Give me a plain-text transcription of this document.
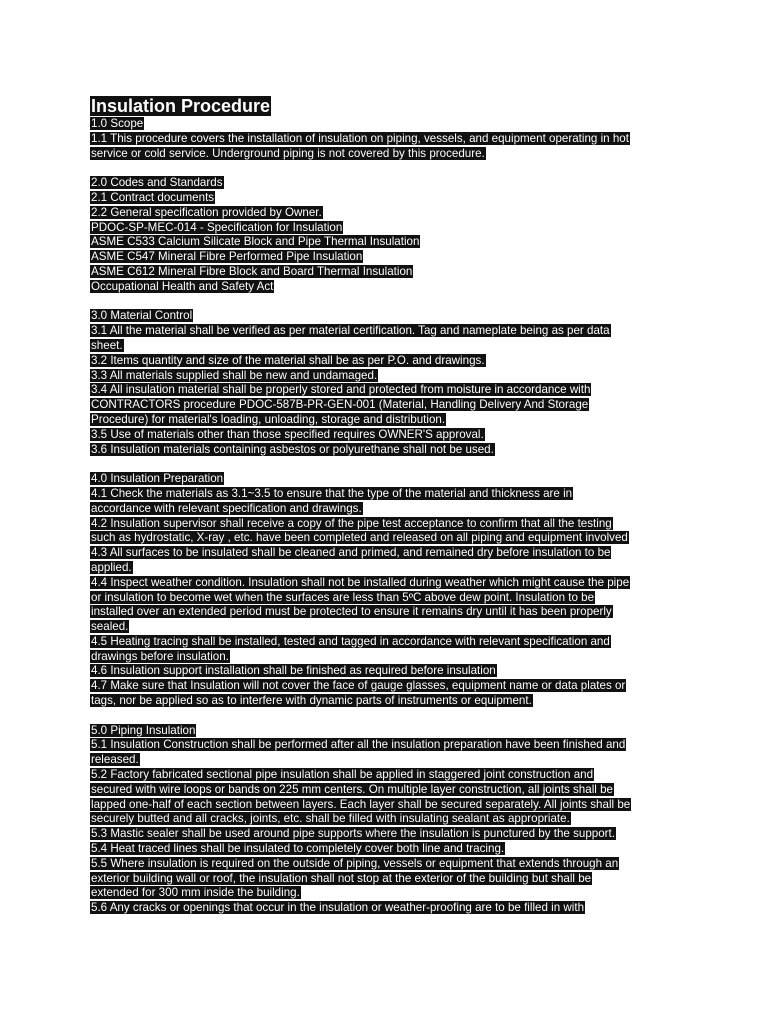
Insulation Procedure
1.0 Scope
1.1 This procedure covers the installation of insulation on piping, vessels, and equipment operating in hot
service or cold service. Underground piping is not covered by this procedure.
2.0 Codes and Standards
2.1 Contract documents
2.2 General specification provided by Owner.
PDOC-SP-MEC-014 - Specification for Insulation
ASME C533 Calcium Silicate Block and Pipe Thermal Insulation
ASME C547 Mineral Fibre Performed Pipe Insulation
ASME C612 Mineral Fibre Block and Board Thermal Insulation
Occupational Health and Safety Act
3.0 Material Control
3.1 All the material shall be verified as per material certification. Tag and nameplate being as per data
sheet.
3.2 Items quantity and size of the material shall be as per P.O. and drawings.
3.3 All materials supplied shall be new and undamaged.
3.4 All insulation material shall be properly stored and protected from moisture in accordance with
CONTRACTORS procedure PDOC-587B-PR-GEN-001 (Material, Handling Delivery And Storage
Procedure) for material's loading, unloading, storage and distribution.
3.5 Use of materials other than those specified requires OWNER'S approval.
3.6 Insulation materials containing asbestos or polyurethane shall not be used.
4.0 Insulation Preparation
4.1 Check the materials as 3.1~3.5 to ensure that the type of the material and thickness are in
accordance with relevant specification and drawings.
4.2 Insulation supervisor shall receive a copy of the pipe test acceptance to confirm that all the testing
such as hydrostatic, X-ray , etc. have been completed and released on all piping and equipment involved
4.3 All surfaces to be insulated shall be cleaned and primed, and remained dry before insulation to be
applied.
4.4 Inspect weather condition. Insulation shall not be installed during weather which might cause the pipe
or insulation to become wet when the surfaces are less than 5ºC above dew point. Insulation to be
installed over an extended period must be protected to ensure it remains dry until it has been properly
sealed.
4.5 Heating tracing shall be installed, tested and tagged in accordance with relevant specification and
drawings before insulation.
4.6 Insulation support installation shall be finished as required before insulation
4.7 Make sure that Insulation will not cover the face of gauge glasses, equipment name or data plates or
tags, nor be applied so as to interfere with dynamic parts of instruments or equipment.
5.0 Piping Insulation
5.1 Insulation Construction shall be performed after all the insulation preparation have been finished and
released.
5.2 Factory fabricated sectional pipe insulation shall be applied in staggered joint construction and
secured with wire loops or bands on 225 mm centers. On multiple layer construction, all joints shall be
lapped one-half of each section between layers. Each layer shall be secured separately. All joints shall be
securely butted and all cracks, joints, etc. shall be filled with insulating sealant as appropriate.
5.3 Mastic sealer shall be used around pipe supports where the insulation is punctured by the support.
5.4 Heat traced lines shall be insulated to completely cover both line and tracing.
5.5 Where insulation is required on the outside of piping, vessels or equipment that extends through an
exterior building wall or roof, the insulation shall not stop at the exterior of the building but shall be
extended for 300 mm inside the building.
5.6 Any cracks or openings that occur in the insulation or weather-proofing are to be filled in with
